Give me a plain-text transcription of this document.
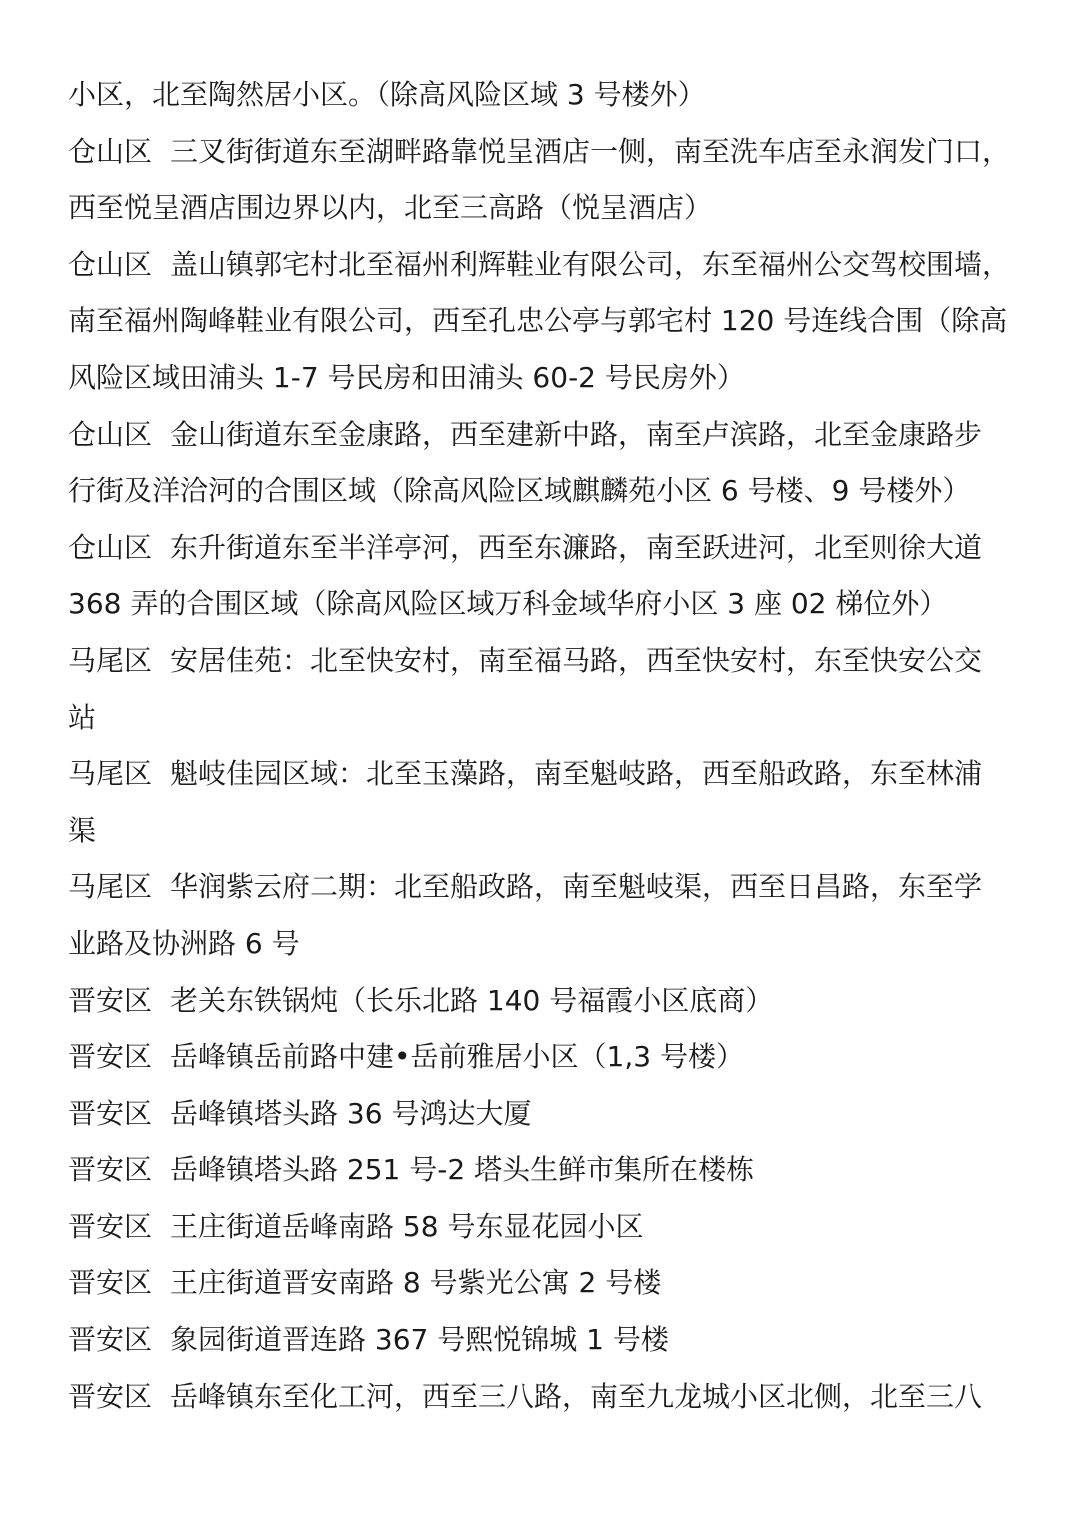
小区，北至陶然居小区。（除高风险区域 3 号楼外）
仓山区 三叉街街道东至湖畔路靠悦呈酒店一侧，南至洗车店至永润发门口，
西至悦呈酒店围边界以内，北至三高路（悦呈酒店）
仓山区 盖山镇郭宅村北至福州利辉鞋业有限公司，东至福州公交驾校围墙，
南至福州陶峰鞋业有限公司，西至孔忠公亭与郭宅村 120 号连线合围（除高
风险区域田浦头 1-7 号民房和田浦头 60-2 号民房外）
仓山区 金山街道东至金康路，西至建新中路，南至卢滨路，北至金康路步
行街及洋洽河的合围区域（除高风险区域麒麟苑小区 6 号楼、9 号楼外）
仓山区 东升街道东至半洋亭河，西至东濂路，南至跃进河，北至则徐大道
368 弄的合围区域（除高风险区域万科金域华府小区 3 座 02 梯位外）
马尾区 安居佳苑：北至快安村，南至福马路，西至快安村，东至快安公交
站
马尾区 魁岐佳园区域：北至玉藻路，南至魁岐路，西至船政路，东至林浦
渠
马尾区 华润紫云府二期：北至船政路，南至魁岐渠，西至日昌路，东至学
业路及协洲路 6 号
晋安区 老关东铁锅炖（长乐北路 140 号福霞小区底商）
晋安区 岳峰镇岳前路中建•岳前雅居小区（1,3 号楼）
晋安区 岳峰镇塔头路 36 号鸿达大厦
晋安区 岳峰镇塔头路 251 号-2 塔头生鲜市集所在楼栋
晋安区 王庄街道岳峰南路 58 号东显花园小区
晋安区 王庄街道晋安南路 8 号紫光公寓 2 号楼
晋安区 象园街道晋连路 367 号熙悦锦城 1 号楼
晋安区 岳峰镇东至化工河，西至三八路，南至九龙城小区北侧，北至三八
